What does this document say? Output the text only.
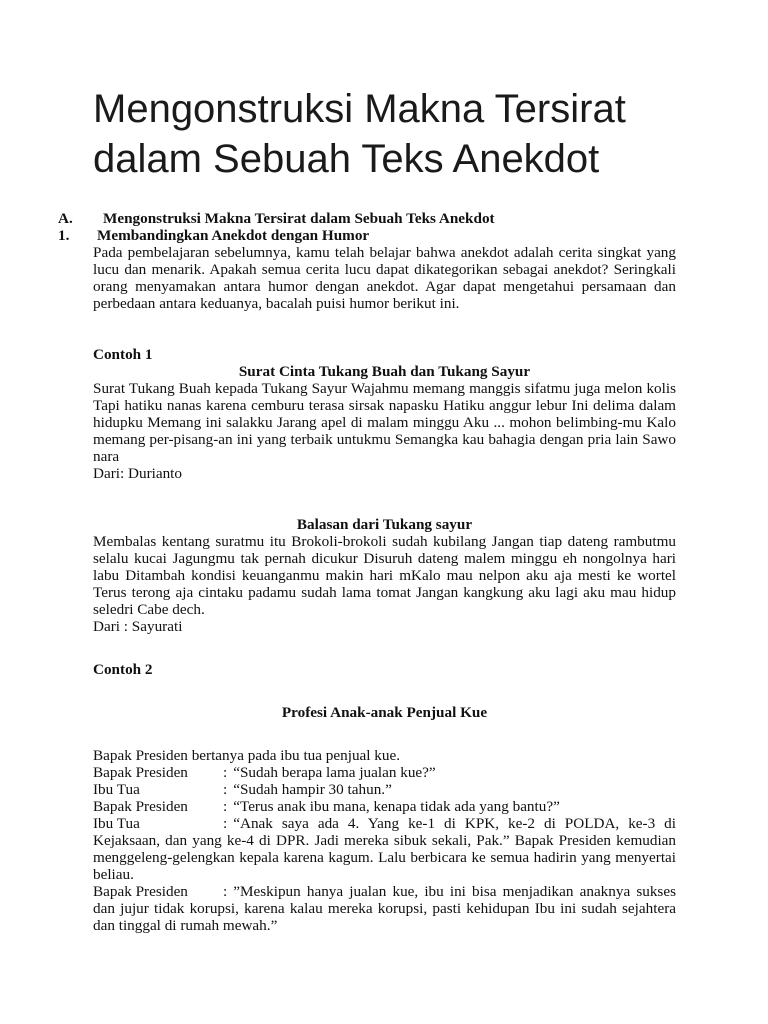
Mengonstruksi Makna Tersirat
dalam Sebuah Teks Anekdot
A.	Mengonstruksi Makna Tersirat dalam Sebuah Teks Anekdot
1.	Membandingkan Anekdot dengan Humor

Pada pembelajaran sebelumnya, kamu telah belajar bahwa anekdot adalah cerita singkat yang lucu dan menarik. Apakah semua cerita lucu dapat dikategorikan sebagai anekdot? Seringkali orang menyamakan antara humor dengan anekdot. Agar dapat mengetahui persamaan dan perbedaan antara keduanya, bacalah puisi humor berikut ini.

Contoh 1

Surat Cinta Tukang Buah dan Tukang Sayur

Surat Tukang Buah kepada Tukang Sayur Wajahmu memang manggis sifatmu juga melon kolis Tapi hatiku nanas karena cemburu terasa sirsak napasku Hatiku anggur lebur Ini delima dalam hidupku Memang ini salakku Jarang apel di malam minggu Aku ... mohon belimbing-mu Kalo memang per-pisang-an ini yang terbaik untukmu Semangka kau bahagia dengan pria lain Sawo nara

Dari: Durianto

Balasan dari Tukang sayur

Membalas kentang suratmu itu Brokoli-brokoli sudah kubilang Jangan tiap dateng rambutmu selalu kucai Jagungmu tak pernah dicukur Disuruh dateng malem minggu eh nongolnya hari labu Ditambah kondisi keuanganmu makin hari mKalo mau nelpon aku aja mesti ke wortel Terus terong aja cintaku padamu sudah lama tomat Jangan kangkung aku lagi aku mau hidup seledri Cabe dech.

Dari : Sayurati

Contoh 2

Profesi Anak-anak Penjual Kue

Bapak Presiden bertanya pada ibu tua penjual kue.

Bapak Presiden	: “Sudah berapa lama jualan kue?”
Ibu Tua	: “Sudah hampir 30 tahun.”
Bapak Presiden	: “Terus anak ibu mana, kenapa tidak ada yang bantu?”

Ibu Tua	: “Anak saya ada 4. Yang ke-1 di KPK, ke-2 di POLDA, ke-3 di Kejaksaan, dan yang ke-4 di DPR. Jadi mereka sibuk sekali, Pak.” Bapak Presiden kemudian menggeleng-gelengkan kepala karena kagum. Lalu berbicara ke semua hadirin yang menyertai beliau.

Bapak Presiden : ”Meskipun hanya jualan kue, ibu ini bisa menjadikan anaknya sukses dan jujur tidak korupsi, karena kalau mereka korupsi, pasti kehidupan Ibu ini sudah sejahtera dan tinggal di rumah mewah.”
